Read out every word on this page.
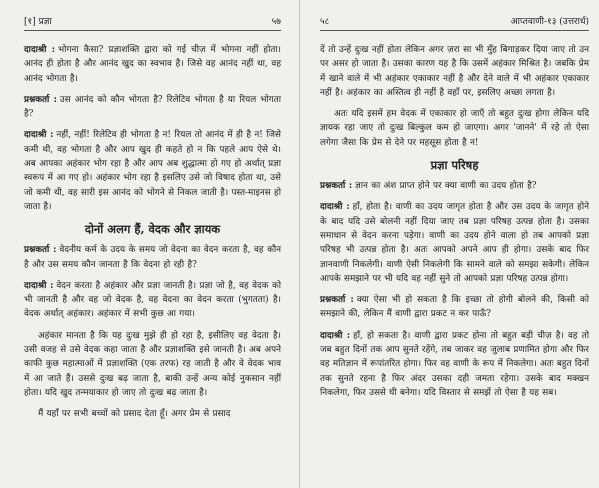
[१] प्रज्ञा	५७

दादाश्री : भोगना कैसा? प्रज्ञाशक्ति द्वारा को गई चीज़ में भोगना नहीं होता। आनंद ही होता है और आनंद खुद का स्वभाव है। जिसे वह आनंद नहीं था, वह आनंद भोगता है।

प्रश्नकर्ता : उस आनंद को कौन भोगता है? रिलेटिव भोगता है या रियल भोगता है?

दादाश्री : नहीं, नहीं! रिलेटिव ही भोगता है न! रियल तो आनंद में ही है न! जिसे कमी थी, वह भोगता है और आप खुद ही कहते हो न कि पहले आप ऐसे थे। अब आपका अहंकार भोग रहा है और आप अब शुद्धात्मा हो गए हो अर्थात् प्रज्ञा स्वरूप में आ गए हो। अहंकार भोग रहा है इसलिए उसे जो विषाद होता था, उसे जो कमी थी, वह सारी इस आनंद को भोगने से निकल जाती है। पस्त-माइनस हो जाता है।

दोनों अलग हैं, वेदक और ज्ञायक

प्रश्नकर्ता : वेदनीय कर्म के उदय के समय जो वेदना का वेदन करता है, वह कौन है और उस समय कौन जानता है कि वेदना हो रही है?

दादाश्री : वेदन करता है अहंकार और प्रज्ञा जानती है। प्रज्ञा जो है, वह वेदक को भी जानती है और वह जो वेदक है, वह वेदना का वेदन करता (भुगतता) है। वेदक अर्थात् अहंकार। अहंकार में सभी कुछ आ गया।

अहंकार मानता है कि यह दुःख मुझे ही हो रहा है, इसीलिए वह वेदता है। उसी वजह से उसे वेदक कहा जाता है और प्रज्ञाशक्ति इसे जानती है। अब अपने काफी कुछ महात्माओं में प्रज्ञाशक्ति (एक तरफ) रह जाती है और वे वेदक भाव में आ जाते हैं। उससे दुःख बढ़ जाता है, बाकी उन्हें अन्य कोई नुकसान नहीं होता। यदि खुद तन्मयाकार हो जाए तो दुःख बढ़ जाता है।

मैं यहाँ पर सभी बच्चों को प्रसाद देता हूँ। अगर प्रेम से प्रसाद

५८	आप्तवाणी-१३ (उत्तरार्ध)

दें तो उन्हें दुःख नहीं होता लेकिन अगर ज़रा सा भी मुँह बिगाड़कर दिया जाए तो उन पर असर हो जाता है। उसका कारण यह है कि उसमें अहंकार मिश्रित है। जबकि प्रेम में खाने वाले में भी अहंकार एकाकार नहीं है और देने वाले में भी अहंकार एकाकार नहीं है। अहंकार का अस्तित्व ही नहीं है वहाँ पर, इसलिए अच्छा लगता है।

अतः यदि इसमें हम वेदक में एकाकार हो जाएँ तो बहुत दुःख होगा लेकिन यदि ज्ञायक रहा जाए तो दुःख बिल्कुल कम हो जाएगा। अगर 'जानने' में रहे तो ऐसा लगेगा जैसा कि प्रेम से देने पर महसूस होता है न!

प्रज्ञा परिषह

प्रश्नकर्ता : ज्ञान का अंश प्राप्त होने पर क्या वाणी का उदय होता है?

दादाश्री : हाँ, होता है। वाणी का उदय जागृत होता है और उस उदय के जागृत होने के बाद यदि उसे बोलनी नहीं दिया जाए तब प्रज्ञा परिषह उत्पन्न होता है। उसका समाधान से वेदन करना पड़ेगा। वाणी का उदय होने वाला हो तब आपको प्रज्ञा परिषह भी उत्पन्न होता है। अतः आपको अपने आप ही होगा। उसके बाद फिर ज्ञानवाणी निकलेगी। वाणी ऐसी निकलेगी कि सामने वाले को समझा सकेगी। लेकिन आपके समझाने पर भी यदि वह नहीं सुने तो आपको प्रज्ञा परिषह उत्पन्न होगा।

प्रश्नकर्ता : क्या ऐसा भी हो सकता है कि इच्छा तो होगी बोलने की, किसी को समझाने की, लेकिन मैं वाणी द्वारा प्रकट न कर पाऊँ?

दादाश्री : हाँ, हो सकता है। वाणी द्वारा प्रकट होना तो बहुत बड़ी चीज़ है। वह तो जब बहुत दिनों तक आप सुनते रहेंगे, तब जाकर वह जुलाब प्रणामित होगा और फिर वह मतिज्ञान में रूपांतरित होगा। फिर वह वाणी के रूप में निकलेगा। अतः बहुत दिनों तक सुनते रहना है फिर अंदर उसका दही जमता रहेगा। उसके बाद मक्खन निकलेगा, फिर उससे घी बनेगा। यदि विस्तार से समझें तो ऐसा है यह सब।
